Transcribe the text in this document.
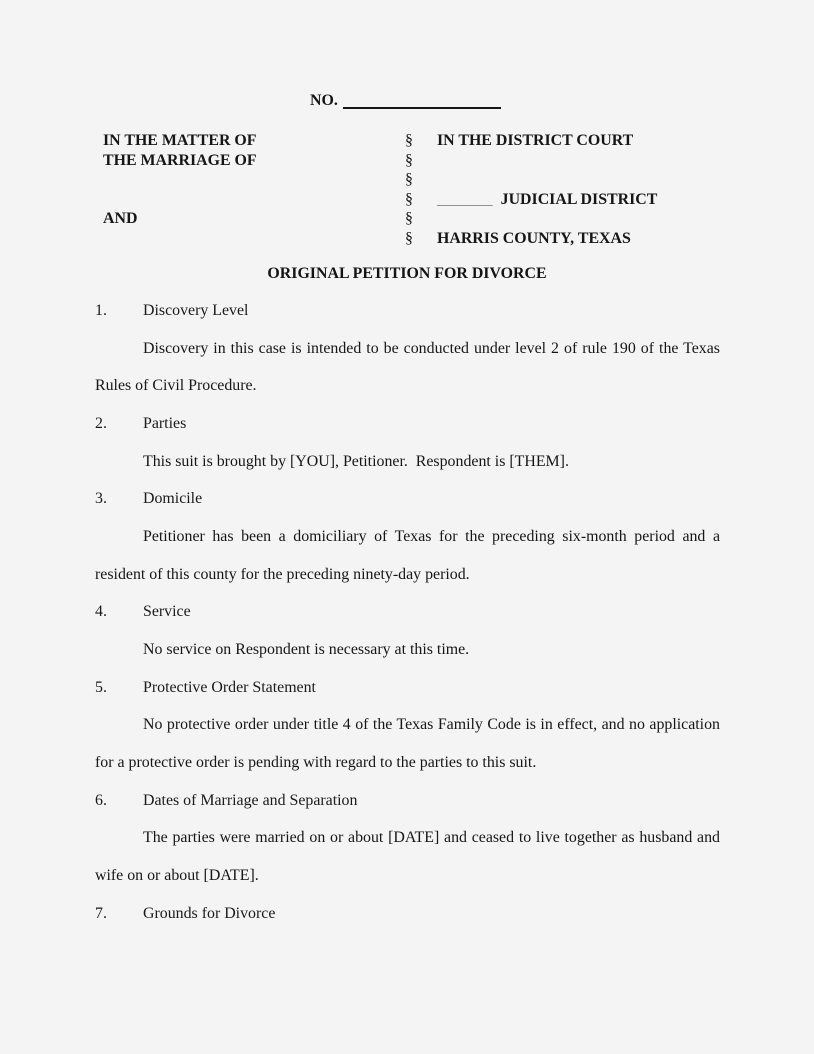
NO.
IN THE MATTER OF
THE MARRIAGE OF
AND
§
§
§
§
§
§
IN THE DISTRICT COURT
_______ JUDICIAL DISTRICT
HARRIS COUNTY, TEXAS
ORIGINAL PETITION FOR DIVORCE
1. Discovery Level

Discovery in this case is intended to be conducted under level 2 of rule 190 of the Texas Rules of Civil Procedure.

2. Parties

This suit is brought by [YOU], Petitioner.  Respondent is [THEM].

3. Domicile

Petitioner has been a domiciliary of Texas for the preceding six-month period and a resident of this county for the preceding ninety-day period.

4. Service

No service on Respondent is necessary at this time.

5. Protective Order Statement

No protective order under title 4 of the Texas Family Code is in effect, and no application for a protective order is pending with regard to the parties to this suit.

6. Dates of Marriage and Separation

The parties were married on or about [DATE] and ceased to live together as husband and wife on or about [DATE].

7. Grounds for Divorce
